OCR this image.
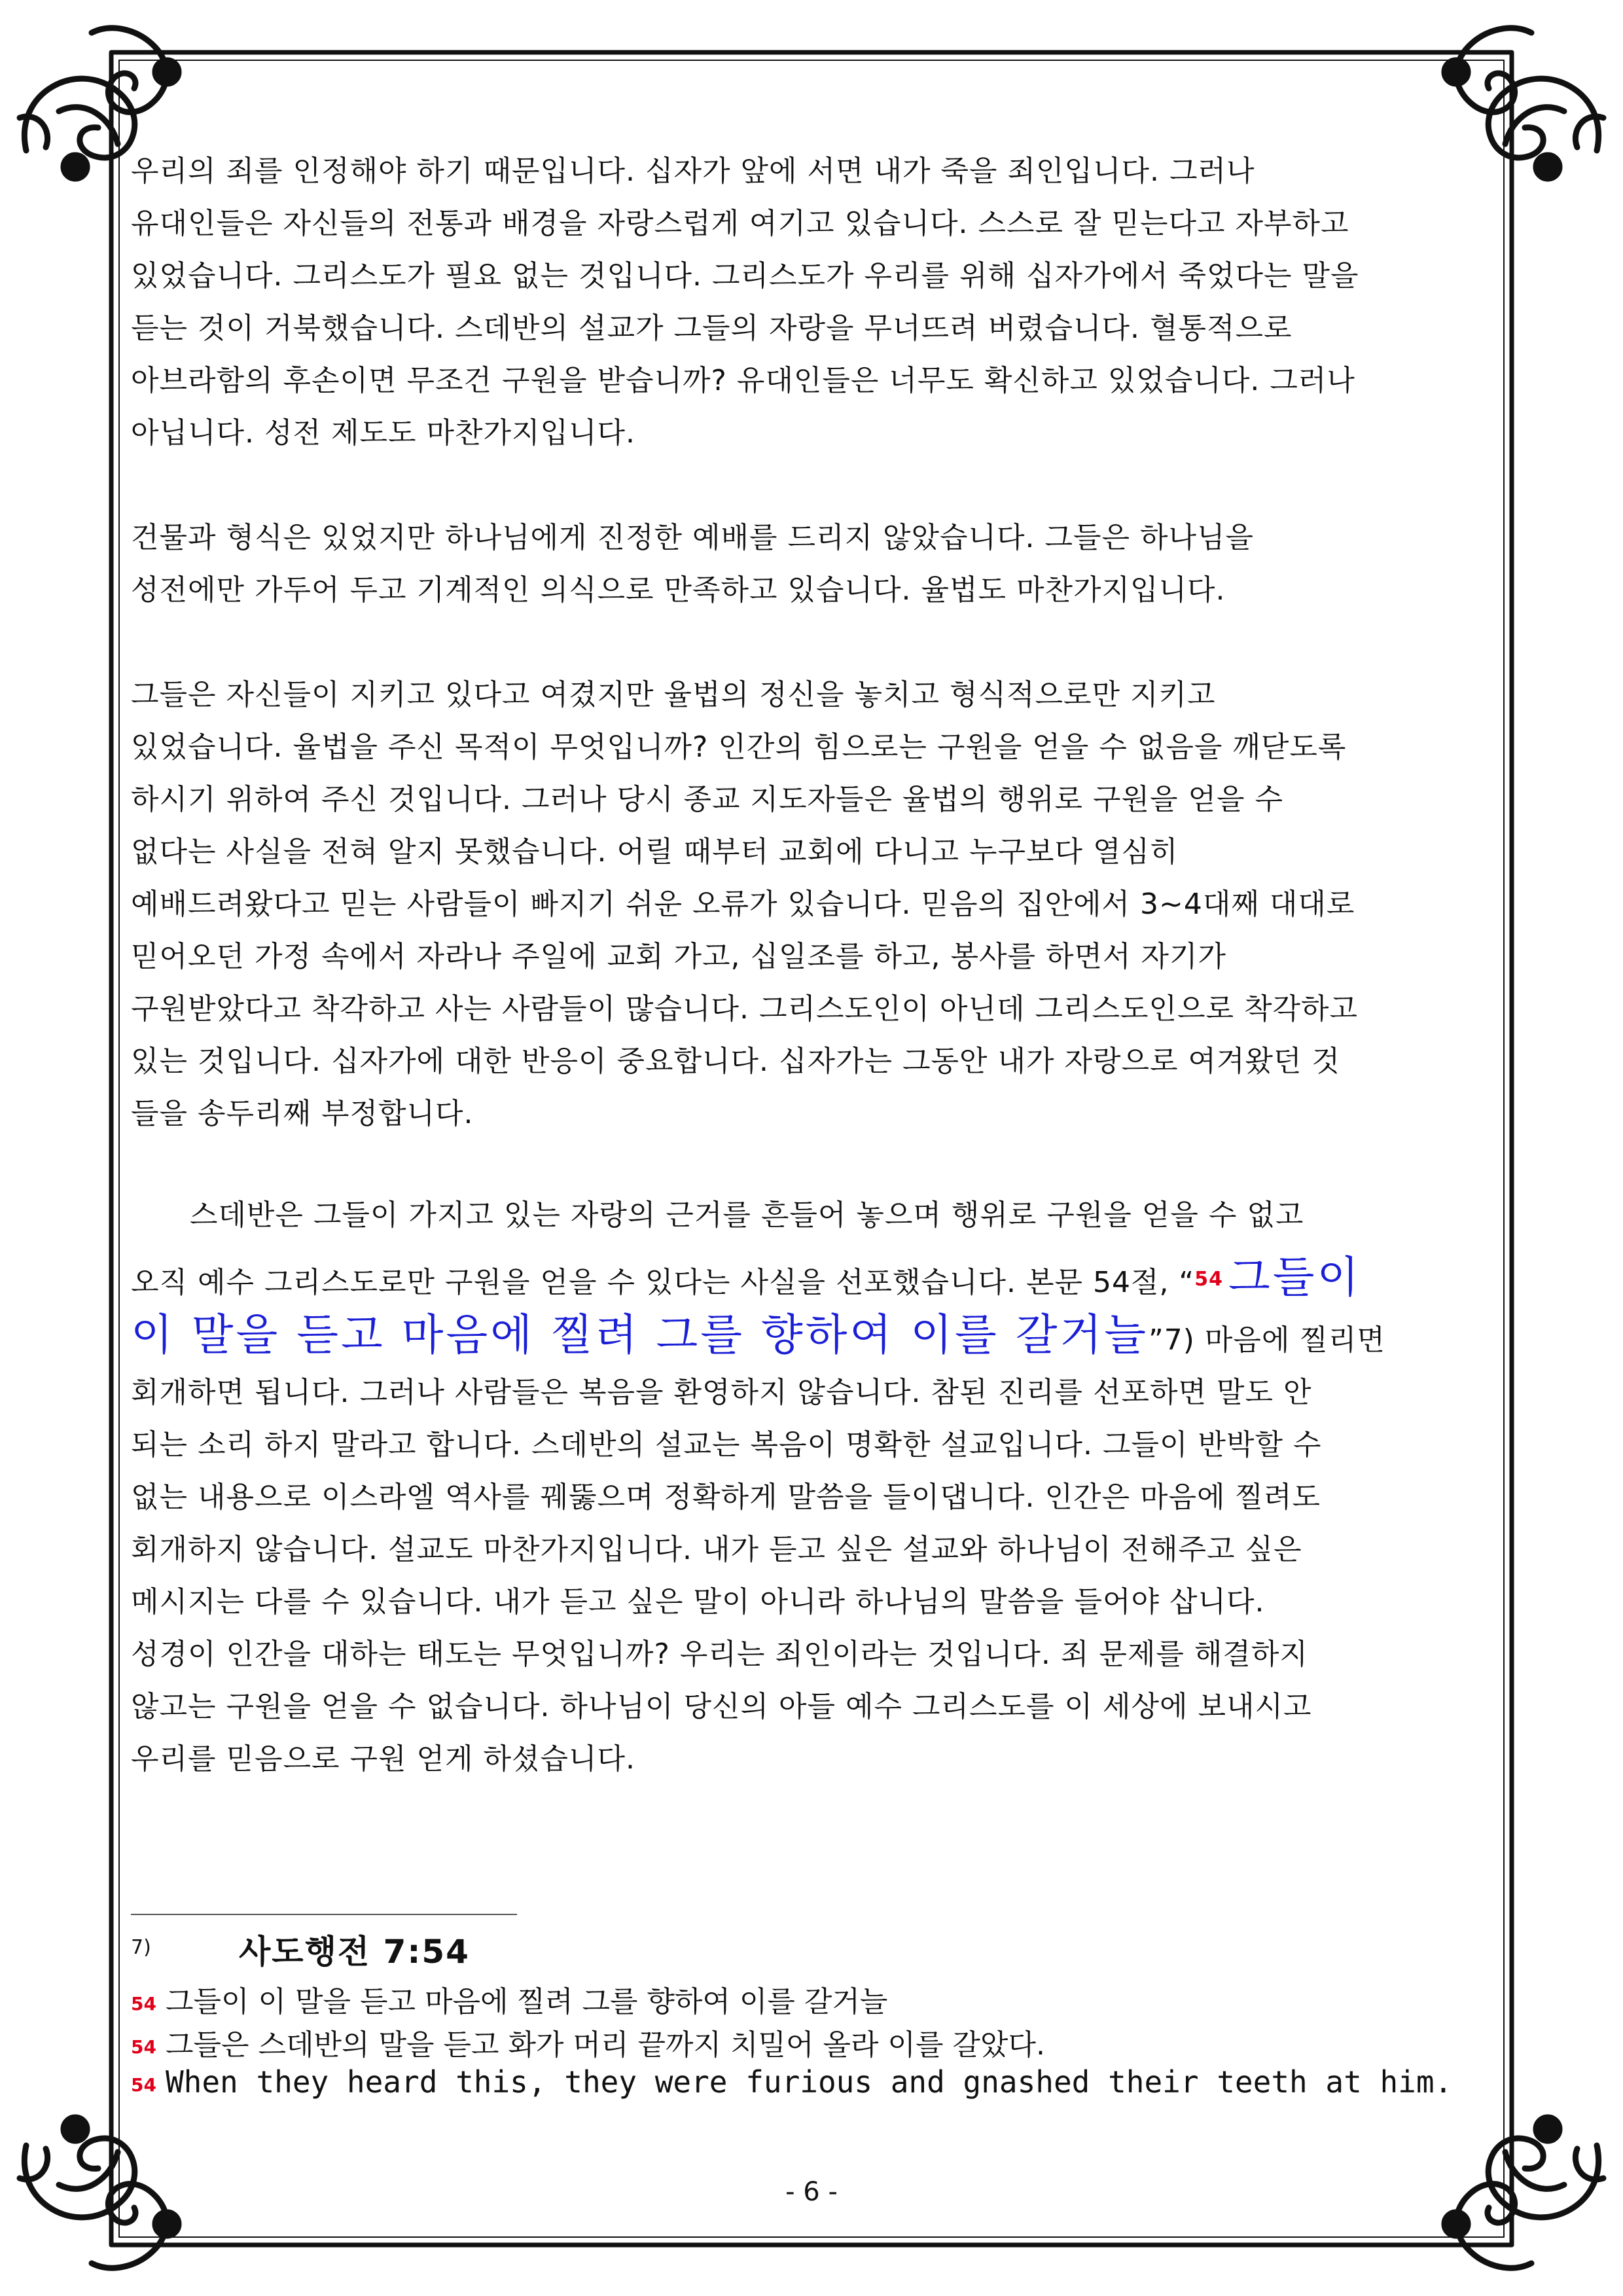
우리의 죄를 인정해야 하기 때문입니다. 십자가 앞에 서면 내가 죽을 죄인입니다. 그러나

유대인들은 자신들의 전통과 배경을 자랑스럽게 여기고 있습니다. 스스로 잘 믿는다고 자부하고

있었습니다. 그리스도가 필요 없는 것입니다. 그리스도가 우리를 위해 십자가에서 죽었다는 말을

듣는 것이 거북했습니다. 스데반의 설교가 그들의 자랑을 무너뜨려 버렸습니다. 혈통적으로

아브라함의 후손이면 무조건 구원을 받습니까? 유대인들은 너무도 확신하고 있었습니다. 그러나

아닙니다. 성전 제도도 마찬가지입니다.

건물과 형식은 있었지만 하나님에게 진정한 예배를 드리지 않았습니다. 그들은 하나님을

성전에만 가두어 두고 기계적인 의식으로 만족하고 있습니다. 율법도 마찬가지입니다.

그들은 자신들이 지키고 있다고 여겼지만 율법의 정신을 놓치고 형식적으로만 지키고

있었습니다. 율법을 주신 목적이 무엇입니까? 인간의 힘으로는 구원을 얻을 수 없음을 깨닫도록

하시기 위하여 주신 것입니다. 그러나 당시 종교 지도자들은 율법의 행위로 구원을 얻을 수

없다는 사실을 전혀 알지 못했습니다. 어릴 때부터 교회에 다니고 누구보다 열심히

예배드려왔다고 믿는 사람들이 빠지기 쉬운 오류가 있습니다. 믿음의 집안에서 3~4대째 대대로

믿어오던 가정 속에서 자라나 주일에 교회 가고, 십일조를 하고, 봉사를 하면서 자기가

구원받았다고 착각하고 사는 사람들이 많습니다. 그리스도인이 아닌데 그리스도인으로 착각하고

있는 것입니다. 십자가에 대한 반응이 중요합니다. 십자가는 그동안 내가 자랑으로 여겨왔던 것

들을 송두리째 부정합니다.

스데반은 그들이 가지고 있는 자랑의 근거를 흔들어 놓으며 행위로 구원을 얻을 수 없고

오직 예수 그리스도로만 구원을 얻을 수 있다는 사실을 선포했습니다. 본문 54절, “$^{54}$ 그들이

이 말을 듣고 마음에 찔려 그를 향하여 이를 갈거늘”7) 마음에 찔리면

회개하면 됩니다. 그러나 사람들은 복음을 환영하지 않습니다. 참된 진리를 선포하면 말도 안

되는 소리 하지 말라고 합니다. 스데반의 설교는 복음이 명확한 설교입니다. 그들이 반박할 수

없는 내용으로 이스라엘 역사를 꿰뚫으며 정확하게 말씀을 들이댑니다. 인간은 마음에 찔려도

회개하지 않습니다. 설교도 마찬가지입니다. 내가 듣고 싶은 설교와 하나님이 전해주고 싶은

메시지는 다를 수 있습니다. 내가 듣고 싶은 말이 아니라 하나님의 말씀을 들어야 삽니다.

성경이 인간을 대하는 태도는 무엇입니까? 우리는 죄인이라는 것입니다. 죄 문제를 해결하지

않고는 구원을 얻을 수 없습니다. 하나님이 당신의 아들 예수 그리스도를 이 세상에 보내시고

우리를 믿음으로 구원 얻게 하셨습니다.

7)	사도행전 7:54
54 그들이 이 말을 듣고 마음에 찔려 그를 향하여 이를 갈거늘
54 그들은 스데반의 말을 듣고 화가 머리 끝까지 치밀어 올라 이를 갈았다.
54 When they heard this, they were furious and gnashed their teeth at him.
- 6 -
